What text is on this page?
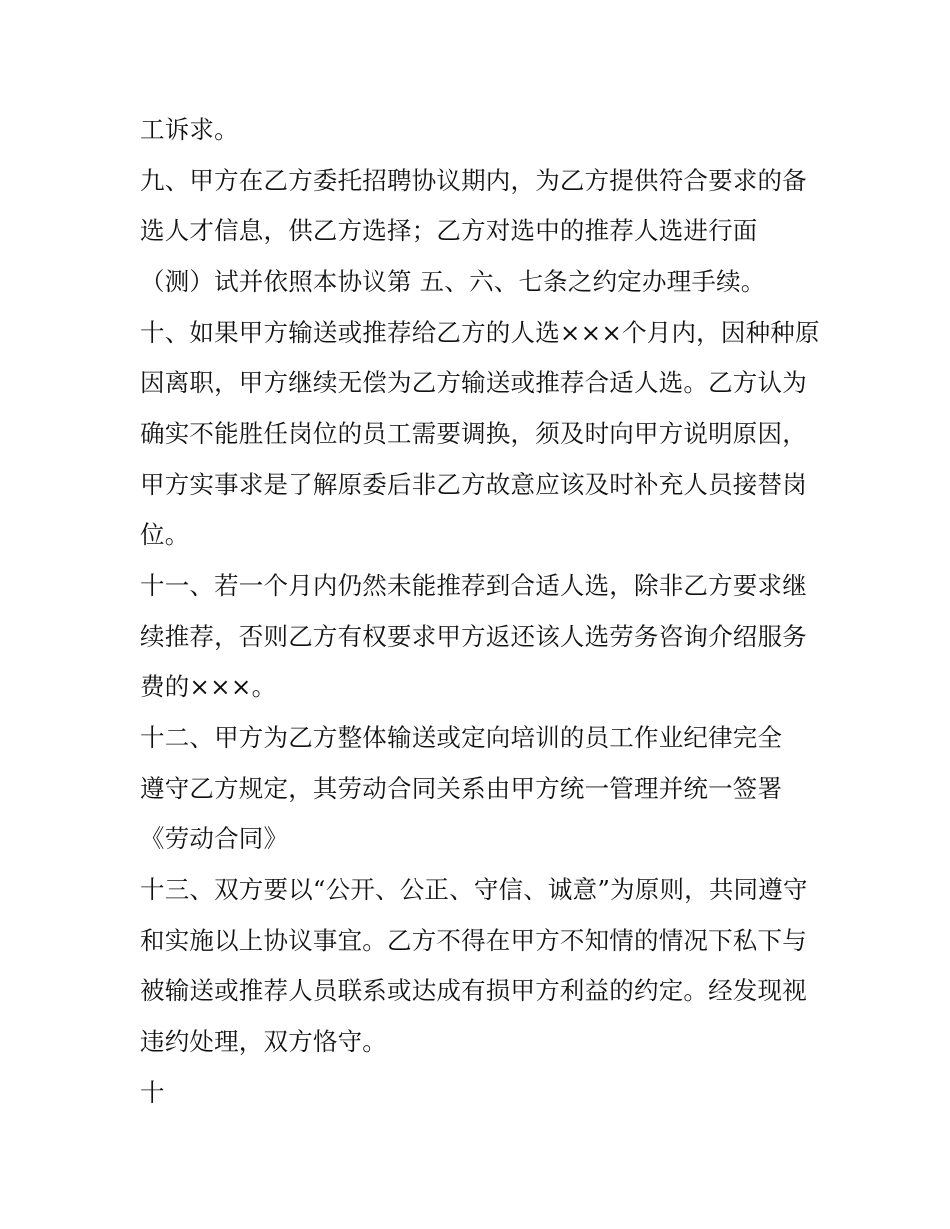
工诉求。
九、甲方在乙方委托招聘协议期内，为乙方提供符合要求的备
选人才信息，供乙方选择；乙方对选中的推荐人选进行面
（测）试并依照本协议第 五、六、七条之约定办理手续。
十、如果甲方输送或推荐给乙方的人选×××个月内，因种种原
因离职，甲方继续无偿为乙方输送或推荐合适人选。乙方认为
确实不能胜任岗位的员工需要调换，须及时向甲方说明原因，
甲方实事求是了解原委后非乙方故意应该及时补充人员接替岗
位。
十一、若一个月内仍然未能推荐到合适人选，除非乙方要求继
续推荐，否则乙方有权要求甲方返还该人选劳务咨询介绍服务
费的×××。
十二、甲方为乙方整体输送或定向培训的员工作业纪律完全
遵守乙方规定，其劳动合同关系由甲方统一管理并统一签署
《劳动合同》
十三、双方要以“公开、公正、守信、诚意”为原则，共同遵守
和实施以上协议事宜。乙方不得在甲方不知情的情况下私下与
被输送或推荐人员联系或达成有损甲方利益的约定。经发现视
违约处理，双方恪守。
十
